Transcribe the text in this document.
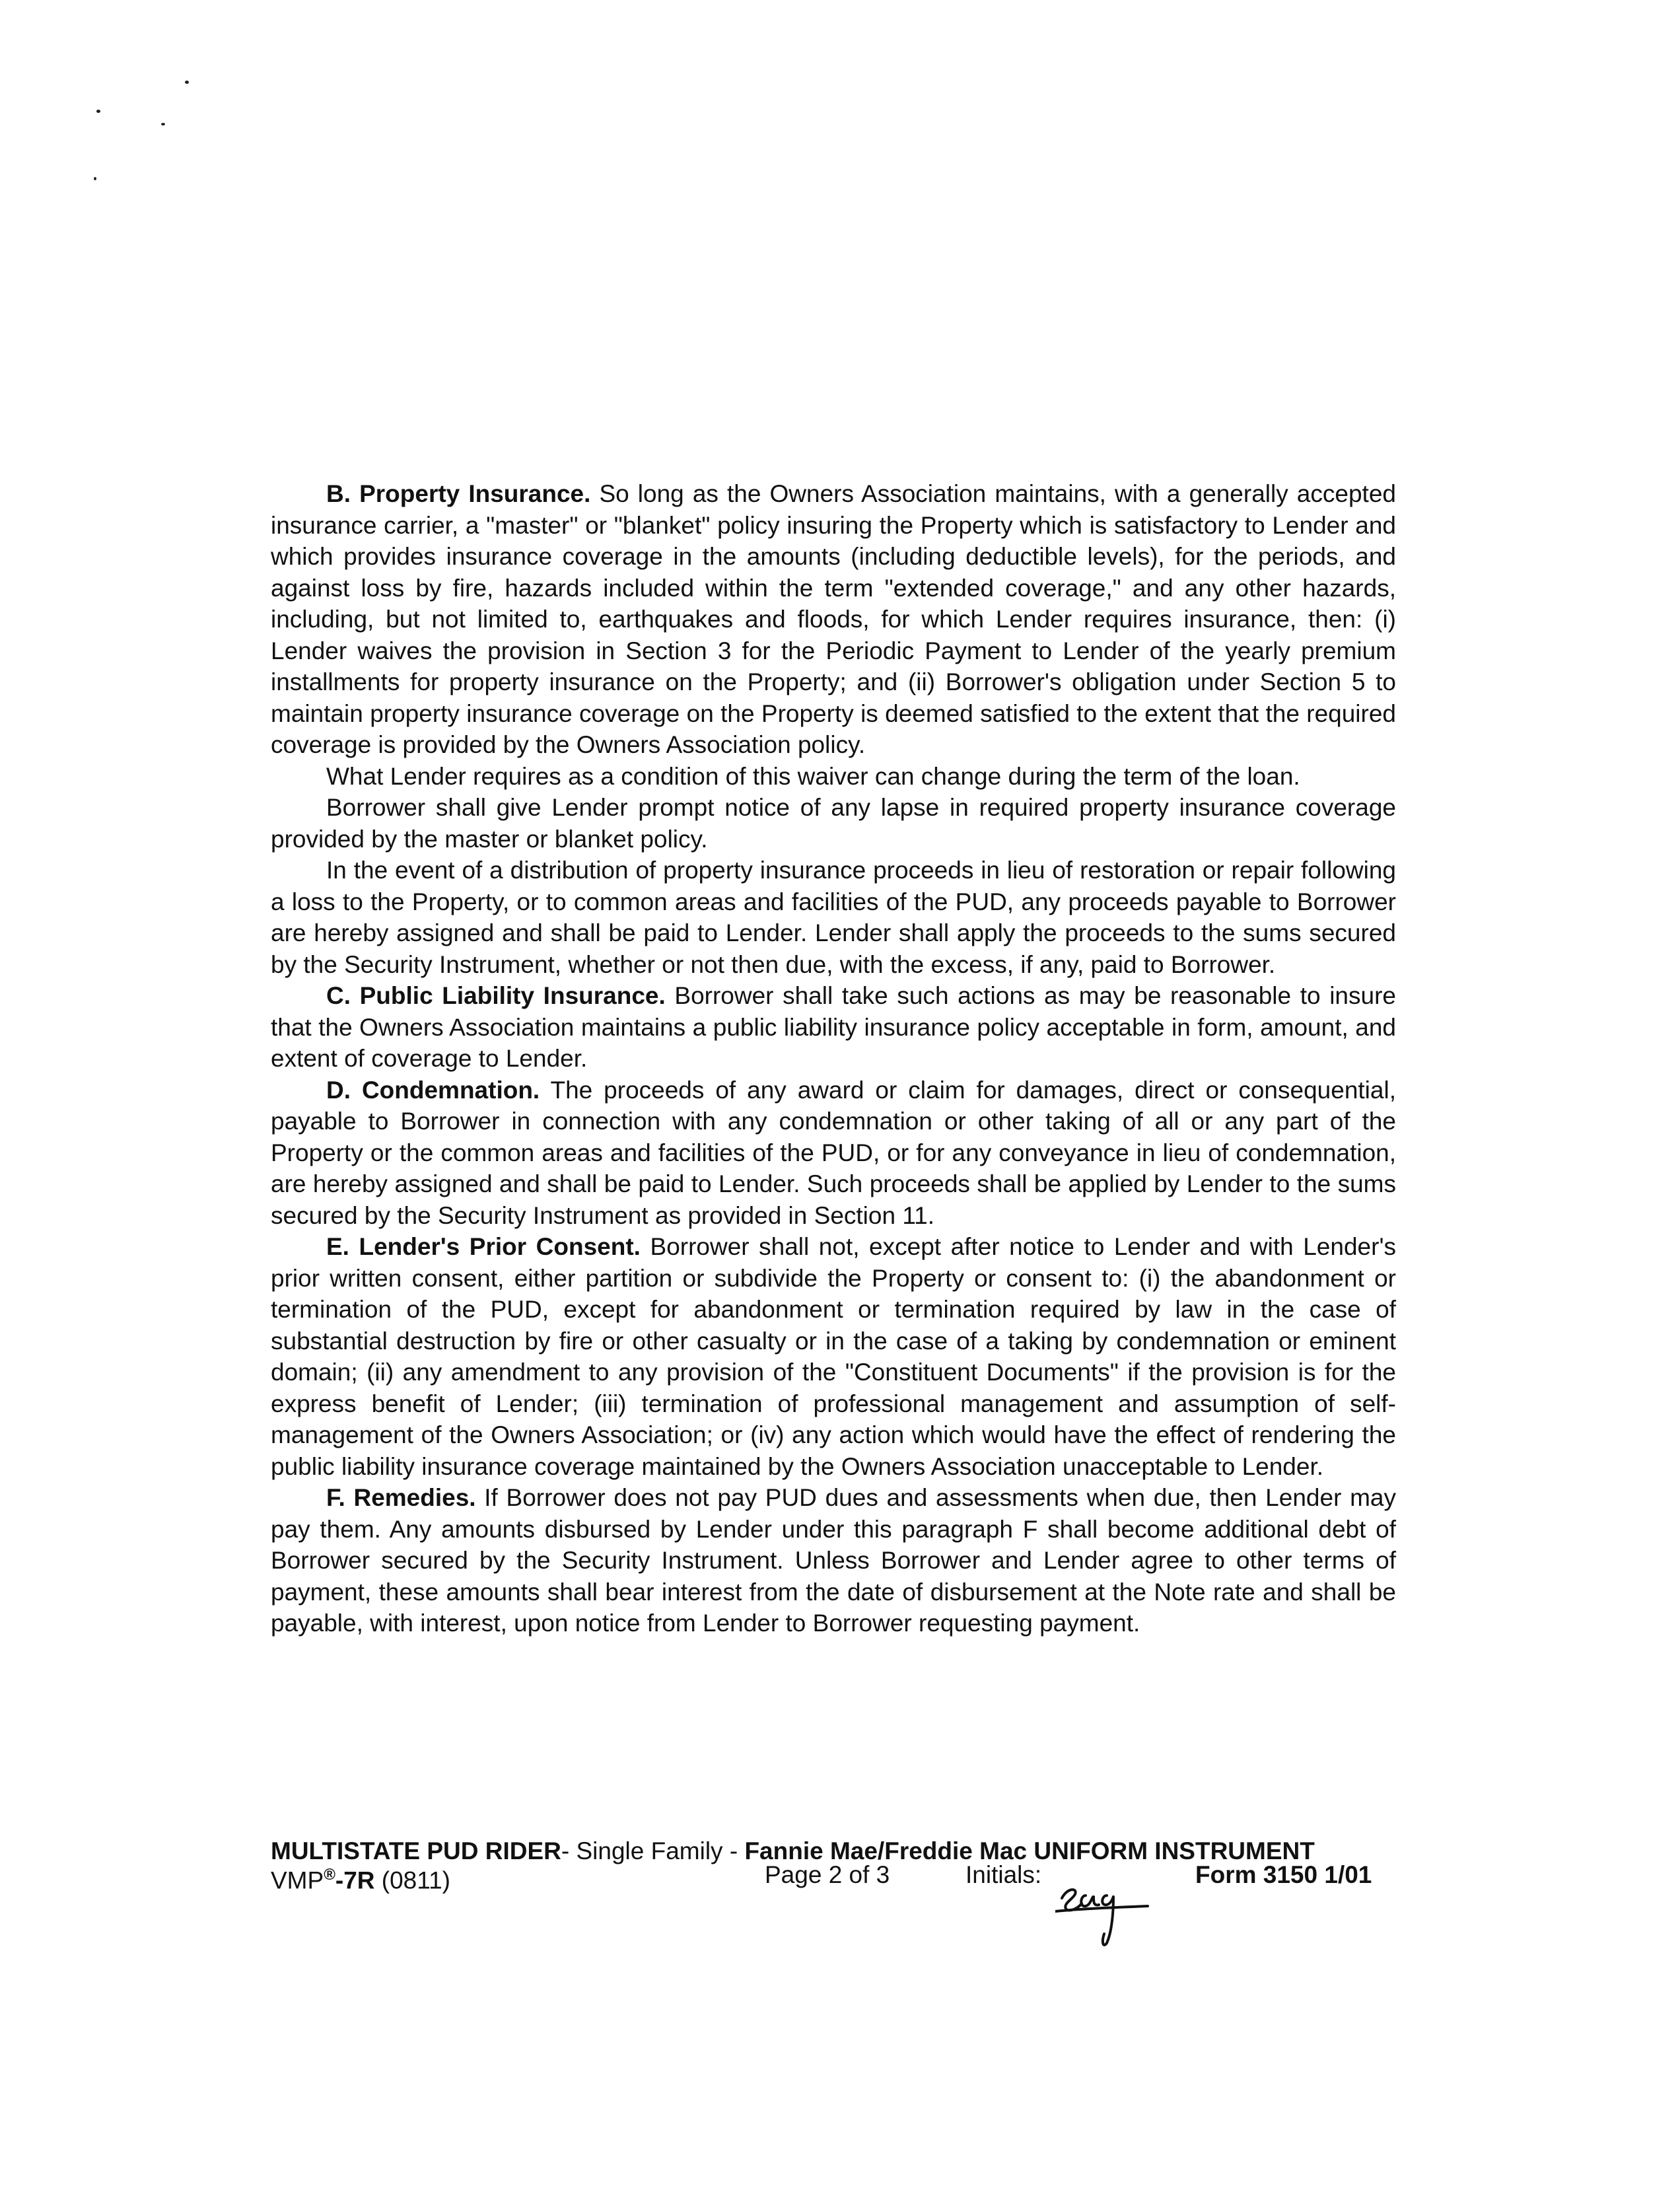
B. Property Insurance. So long as the Owners Association maintains, with a generally accepted insurance carrier, a "master" or "blanket" policy insuring the Property which is satisfactory to Lender and which provides insurance coverage in the amounts (including deductible levels), for the periods, and against loss by fire, hazards included within the term "extended coverage," and any other hazards, including, but not limited to, earthquakes and floods, for which Lender requires insurance, then: (i) Lender waives the provision in Section 3 for the Periodic Payment to Lender of the yearly premium installments for property insurance on the Property; and (ii) Borrower's obligation under Section 5 to maintain property insurance coverage on the Property is deemed satisfied to the extent that the required coverage is provided by the Owners Association policy.

What Lender requires as a condition of this waiver can change during the term of the loan.

Borrower shall give Lender prompt notice of any lapse in required property insurance coverage provided by the master or blanket policy.

In the event of a distribution of property insurance proceeds in lieu of restoration or repair following a loss to the Property, or to common areas and facilities of the PUD, any proceeds payable to Borrower are hereby assigned and shall be paid to Lender. Lender shall apply the proceeds to the sums secured by the Security Instrument, whether or not then due, with the excess, if any, paid to Borrower.

C. Public Liability Insurance. Borrower shall take such actions as may be reasonable to insure that the Owners Association maintains a public liability insurance policy acceptable in form, amount, and extent of coverage to Lender.

D. Condemnation. The proceeds of any award or claim for damages, direct or consequential, payable to Borrower in connection with any condemnation or other taking of all or any part of the Property or the common areas and facilities of the PUD, or for any conveyance in lieu of condemnation, are hereby assigned and shall be paid to Lender. Such proceeds shall be applied by Lender to the sums secured by the Security Instrument as provided in Section 11.

E. Lender's Prior Consent. Borrower shall not, except after notice to Lender and with Lender's prior written consent, either partition or subdivide the Property or consent to: (i) the abandonment or termination of the PUD, except for abandonment or termination required by law in the case of substantial destruction by fire or other casualty or in the case of a taking by condemnation or eminent domain; (ii) any amendment to any provision of the "Constituent Documents" if the provision is for the express benefit of Lender; (iii) termination of professional management and assumption of self-management of the Owners Association; or (iv) any action which would have the effect of rendering the public liability insurance coverage maintained by the Owners Association unacceptable to Lender.

F. Remedies. If Borrower does not pay PUD dues and assessments when due, then Lender may pay them. Any amounts disbursed by Lender under this paragraph F shall become additional debt of Borrower secured by the Security Instrument. Unless Borrower and Lender agree to other terms of payment, these amounts shall bear interest from the date of disbursement at the Note rate and shall be payable, with interest, upon notice from Lender to Borrower requesting payment.

MULTISTATE PUD RIDER- Single Family - Fannie Mae/Freddie Mac UNIFORM INSTRUMENT
VMP®-7R (0811)	Page 2 of 3	Initials:	Form 3150 1/01
